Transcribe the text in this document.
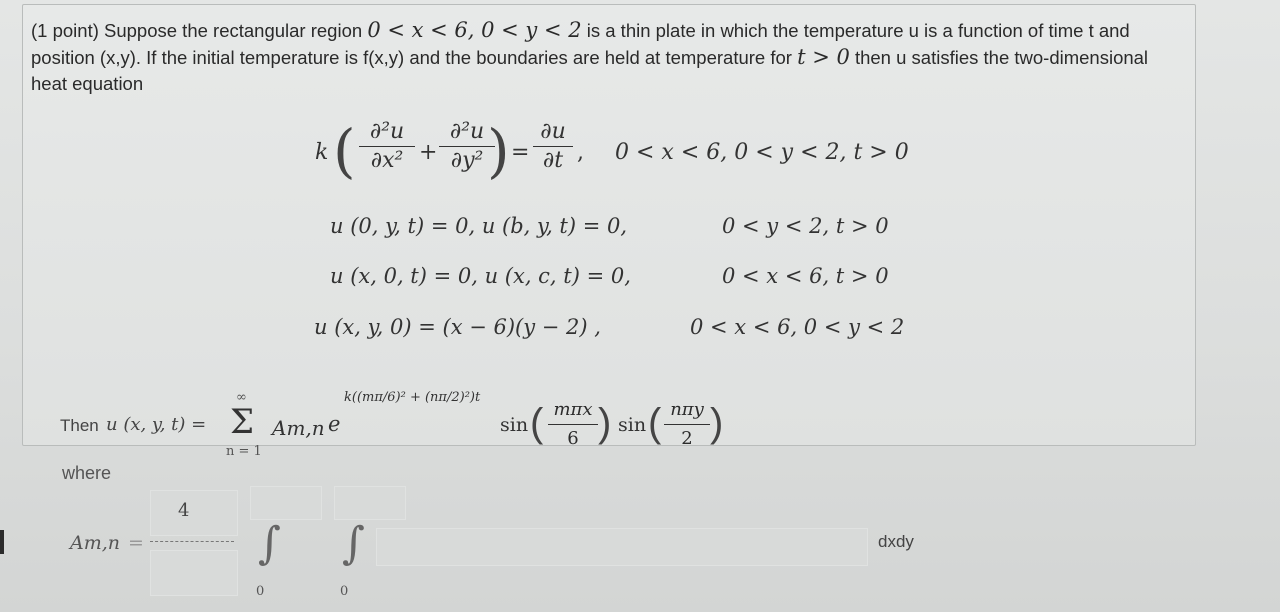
(1 point) Suppose the rectangular region 0 < x < 6, 0 < y < 2 is a thin plate in which the temperature u is a function of time t and position (x,y). If the initial temperature is f(x,y) and the boundaries are held at temperature for t > 0 then u satisfies the two-dimensional heat equation
k ( ∂²u
∂x² +
∂²u
∂y² ) =
∂u
∂t , 0 < x < 6, 0 < y < 2, t > 0
u (0, y, t) = 0, u (b, y, t) = 0,	0 < y < 2, t > 0
u (x, 0, t) = 0, u (x, c, t) = 0,	0 < x < 6, t > 0
u (x, y, 0) = (x − 6)(y − 2) ,	0 < x < 6, 0 < y < 2
Then u (x, y, t) =
∞
Σ
n = 1
Am,n e
k((mπ/6)² + (nπ/2)²)t
sin ( mπx
6 ) sin ( nπy
2 )
where
Am,n =
4
∫
0
∫
0
dxdy
